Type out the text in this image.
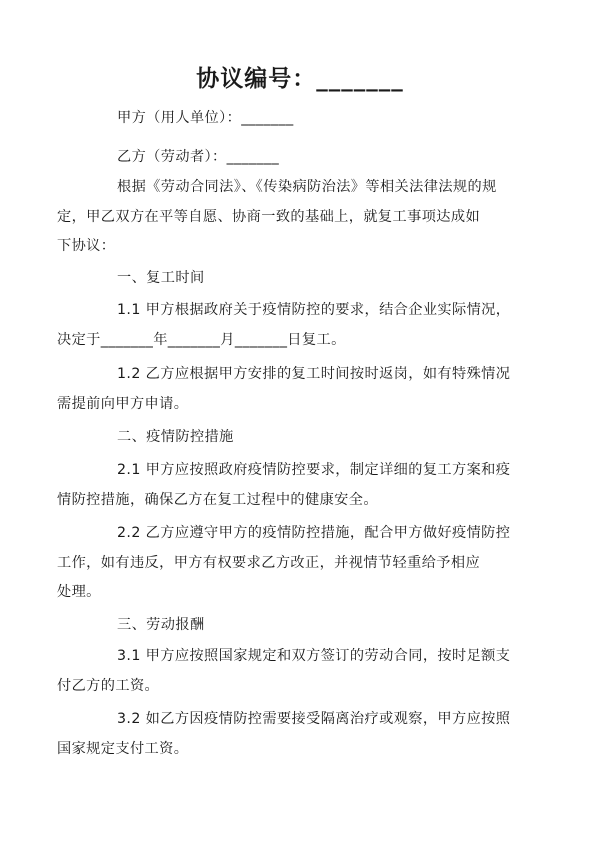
协议编号：_______
甲方（用人单位）：_______
乙方（劳动者）：_______
根据《劳动合同法》、《传染病防治法》等相关法律法规的规
定，甲乙双方在平等自愿、协商一致的基础上，就复工事项达成如
下协议：
一、复工时间
1.1 甲方根据政府关于疫情防控的要求，结合企业实际情况，
决定于_______年_______月_______日复工。
1.2 乙方应根据甲方安排的复工时间按时返岗，如有特殊情况
需提前向甲方申请。
二、疫情防控措施
2.1 甲方应按照政府疫情防控要求，制定详细的复工方案和疫
情防控措施，确保乙方在复工过程中的健康安全。
2.2 乙方应遵守甲方的疫情防控措施，配合甲方做好疫情防控
工作，如有违反，甲方有权要求乙方改正，并视情节轻重给予相应
处理。
三、劳动报酬
3.1 甲方应按照国家规定和双方签订的劳动合同，按时足额支
付乙方的工资。
3.2 如乙方因疫情防控需要接受隔离治疗或观察，甲方应按照
国家规定支付工资。
